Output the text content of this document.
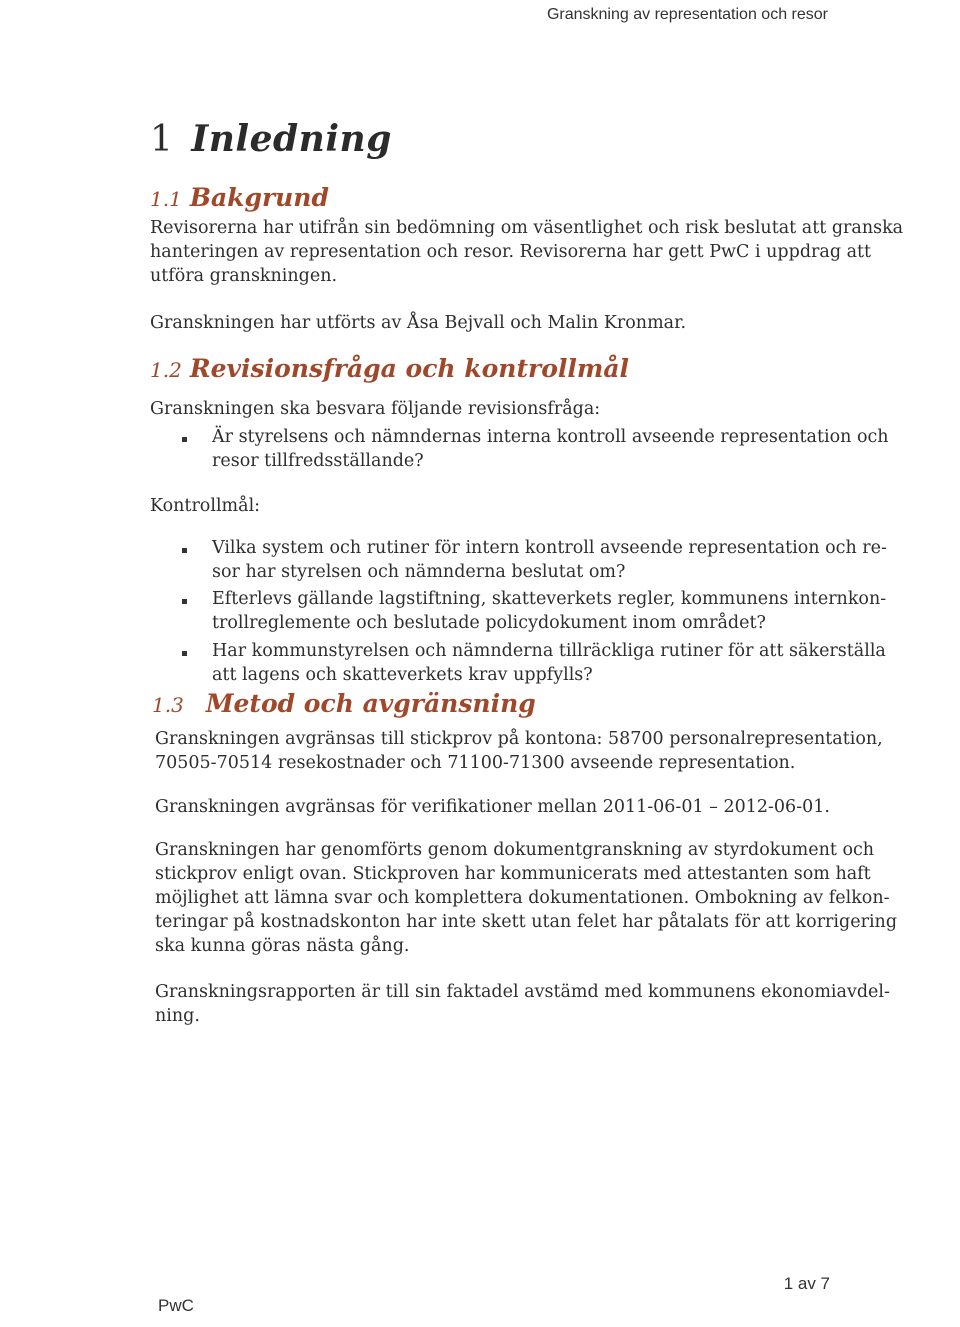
Granskning av representation och resor
1 Inledning
1.1 Bakgrund

Revisorerna har utifrån sin bedömning om väsentlighet och risk beslutat att granska
hanteringen av representation och resor. Revisorerna har gett PwC i uppdrag att
utföra granskningen.

Granskningen har utförts av Åsa Bejvall och Malin Kronmar.

1.2 Revisionsfråga och kontrollmål

Granskningen ska besvara följande revisionsfråga:

Är styrelsens och nämndernas interna kontroll avseende representation och
resor tillfredsställande?

Kontrollmål:

Vilka system och rutiner för intern kontroll avseende representation och re-
sor har styrelsen och nämnderna beslutat om?
Efterlevs gällande lagstiftning, skatteverkets regler, kommunens internkon-
trollreglemente och beslutade policydokument inom området?
Har kommunstyrelsen och nämnderna tillräckliga rutiner för att säkerställa
att lagens och skatteverkets krav uppfylls?
1.3 Metod och avgränsning

Granskningen avgränsas till stickprov på kontona: 58700 personalrepresentation,
70505-70514 resekostnader och 71100-71300 avseende representation.

Granskningen avgränsas för verifikationer mellan 2011-06-01 – 2012-06-01.

Granskningen har genomförts genom dokumentgranskning av styrdokument och
stickprov enligt ovan. Stickproven har kommunicerats med attestanten som haft
möjlighet att lämna svar och komplettera dokumentationen. Ombokning av felkon-
teringar på kostnadskonton har inte skett utan felet har påtalats för att korrigering
ska kunna göras nästa gång.

Granskningsrapporten är till sin faktadel avstämd med kommunens ekonomiavdel-
ning.

1 av 7
PwC
